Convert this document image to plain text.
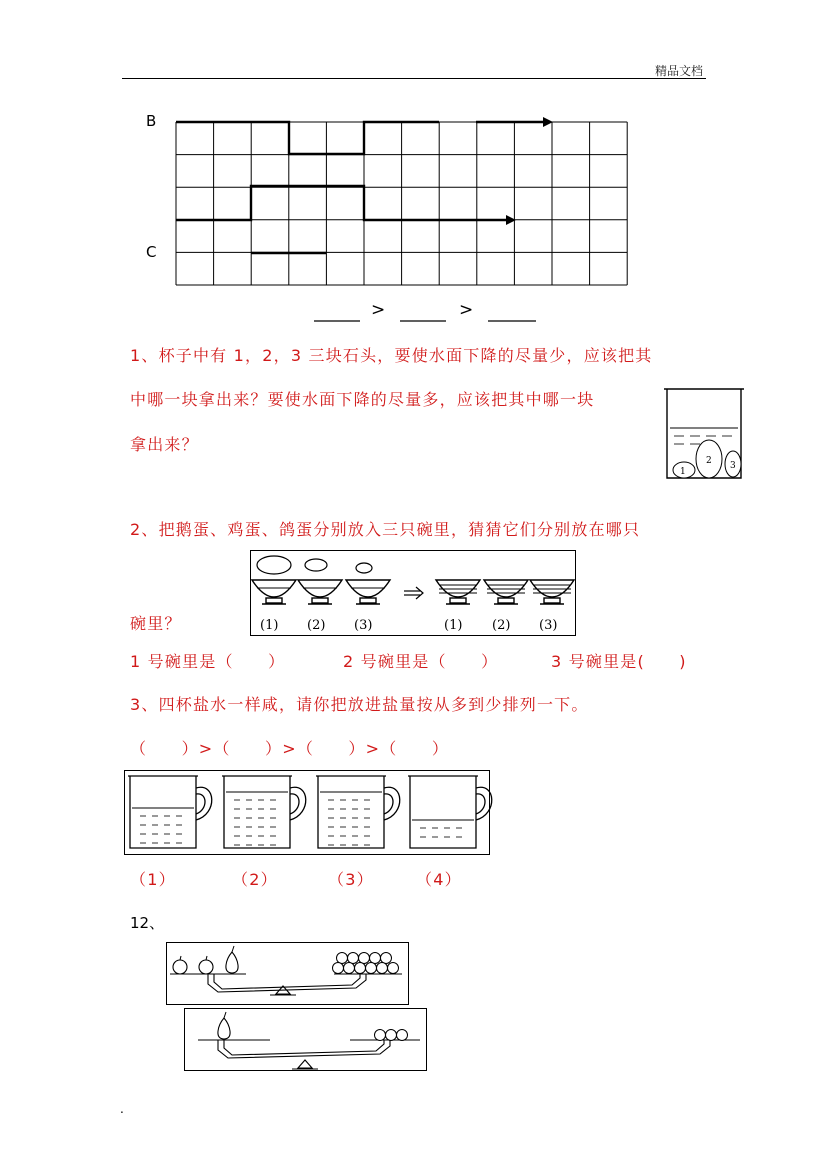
精品文档
B
C
>	>
1、杯子中有 1，2，3 三块石头，要使水面下降的尽量少，应该把其
中哪一块拿出来？要使水面下降的尽量多，应该把其中哪一块
拿出来？
1
2 3
2、把鹅蛋、鸡蛋、鸽蛋分别放入三只碗里，猜猜它们分别放在哪只
(1) (2) (3)	(1) (2) (3)
碗里？
1 号碗里是（　　）	2 号碗里是（　　）	3 号碗里是(　　)
3、四杯盐水一样咸，请你把放进盐量按从多到少排列一下。
（　　）>（　　）>（　　）>（　　）
（1）	（2）	（3）	（4）
12、
.
